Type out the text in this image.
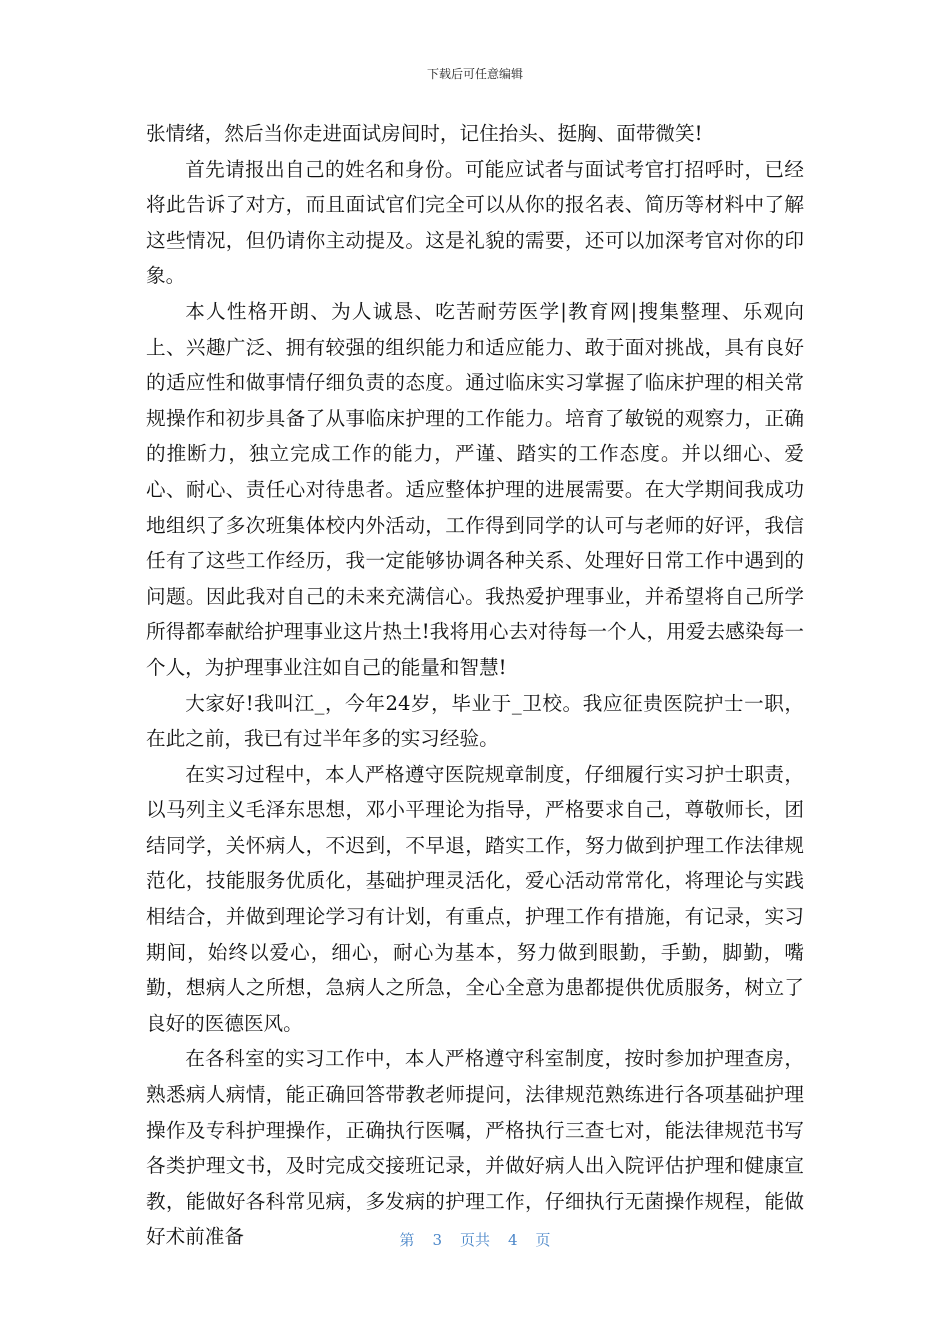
下载后可任意编辑

张情绪，然后当你走进面试房间时，记住抬头、挺胸、面带微笑!

首先请报出自己的姓名和身份。可能应试者与面试考官打招呼时，已经将此告诉了对方，而且面试官们完全可以从你的报名表、简历等材料中了解这些情况，但仍请你主动提及。这是礼貌的需要，还可以加深考官对你的印象。

本人性格开朗、为人诚恳、吃苦耐劳医学|教育网|搜集整理、乐观向上、兴趣广泛、拥有较强的组织能力和适应能力、敢于面对挑战，具有良好的适应性和做事情仔细负责的态度。通过临床实习掌握了临床护理的相关常规操作和初步具备了从事临床护理的工作能力。培育了敏锐的观察力，正确的推断力，独立完成工作的能力，严谨、踏实的工作态度。并以细心、爱心、耐心、责任心对待患者。适应整体护理的进展需要。在大学期间我成功地组织了多次班集体校内外活动，工作得到同学的认可与老师的好评，我信任有了这些工作经历，我一定能够协调各种关系、处理好日常工作中遇到的问题。因此我对自己的未来充满信心。我热爱护理事业，并希望将自己所学所得都奉献给护理事业这片热土!我将用心去对待每一个人，用爱去感染每一个人，为护理事业注如自己的能量和智慧!

大家好!我叫江_，今年24岁，毕业于_卫校。我应征贵医院护士一职，在此之前，我已有过半年多的实习经验。

在实习过程中，本人严格遵守医院规章制度，仔细履行实习护士职责，以马列主义毛泽东思想，邓小平理论为指导，严格要求自己，尊敬师长，团结同学，关怀病人，不迟到，不早退，踏实工作，努力做到护理工作法律规范化，技能服务优质化，基础护理灵活化，爱心活动常常化，将理论与实践相结合，并做到理论学习有计划，有重点，护理工作有措施，有记录，实习期间，始终以爱心，细心，耐心为基本，努力做到眼勤，手勤，脚勤，嘴勤，想病人之所想，急病人之所急，全心全意为患都提供优质服务，树立了良好的医德医风。

在各科室的实习工作中，本人严格遵守科室制度，按时参加护理查房，熟悉病人病情，能正确回答带教老师提问，法律规范熟练进行各项基础护理操作及专科护理操作，正确执行医嘱，严格执行三查七对，能法律规范书写各类护理文书，及时完成交接班记录，并做好病人出入院评估护理和健康宣教，能做好各科常见病，多发病的护理工作，仔细执行无菌操作规程，能做好术前准备	第 3 页共 4 页
